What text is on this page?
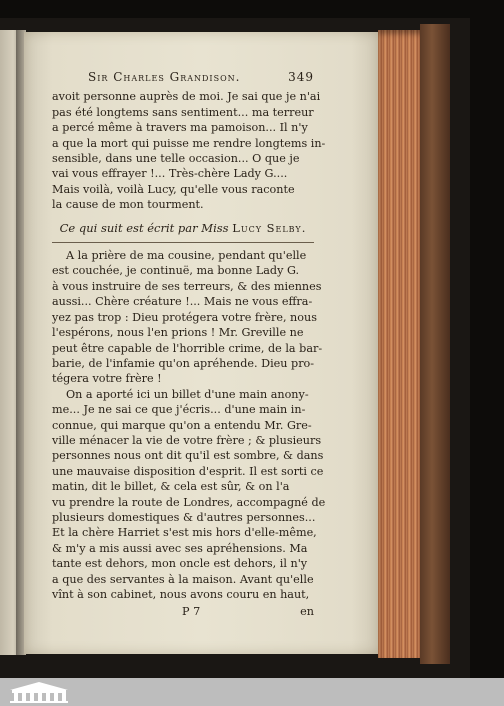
Sir Charles Grandison.	349
avoit personne auprès de moi. Je sai que je n'ai
pas été longtems sans sentiment... ma terreur
a percé même à travers ma pamoison... Il n'y
a que la mort qui puisse me rendre longtems in-
sensible, dans une telle occasion... O que je
vai vous effrayer !... Très-chère Lady G....
Mais voilà, voilà Lucy, qu'elle vous raconte
la cause de mon tourment.
Ce qui suit est écrit par Miss Lucy Selby.
A la prière de ma cousine, pendant qu'elle
est couchée, je continuë, ma bonne Lady G.
à vous instruire de ses terreurs, & des miennes
aussi... Chère créature !... Mais ne vous effra-
yez pas trop : Dieu protégera votre frère, nous
l'espérons, nous l'en prions ! Mr. Greville ne
peut être capable de l'horrible crime, de la bar-
barie, de l'infamie qu'on apréhende. Dieu pro-
tégera votre frère !
On a aporté ici un billet d'une main anony-
me... Je ne sai ce que j'écris... d'une main in-
connue, qui marque qu'on a entendu Mr. Gre-
ville ménacer la vie de votre frère ; & plusieurs
personnes nous ont dit qu'il est sombre, & dans
une mauvaise disposition d'esprit. Il est sorti ce
matin, dit le billet, & cela est sûr, & on l'a
vu prendre la route de Londres, accompagné de
plusieurs domestiques & d'autres personnes...
Et la chère Harriet s'est mis hors d'elle-même,
& m'y a mis aussi avec ses apréhensions. Ma
tante est dehors, mon oncle est dehors, il n'y
a que des servantes à la maison. Avant qu'elle
vînt à son cabinet, nous avons couru en haut,
P 7	en
